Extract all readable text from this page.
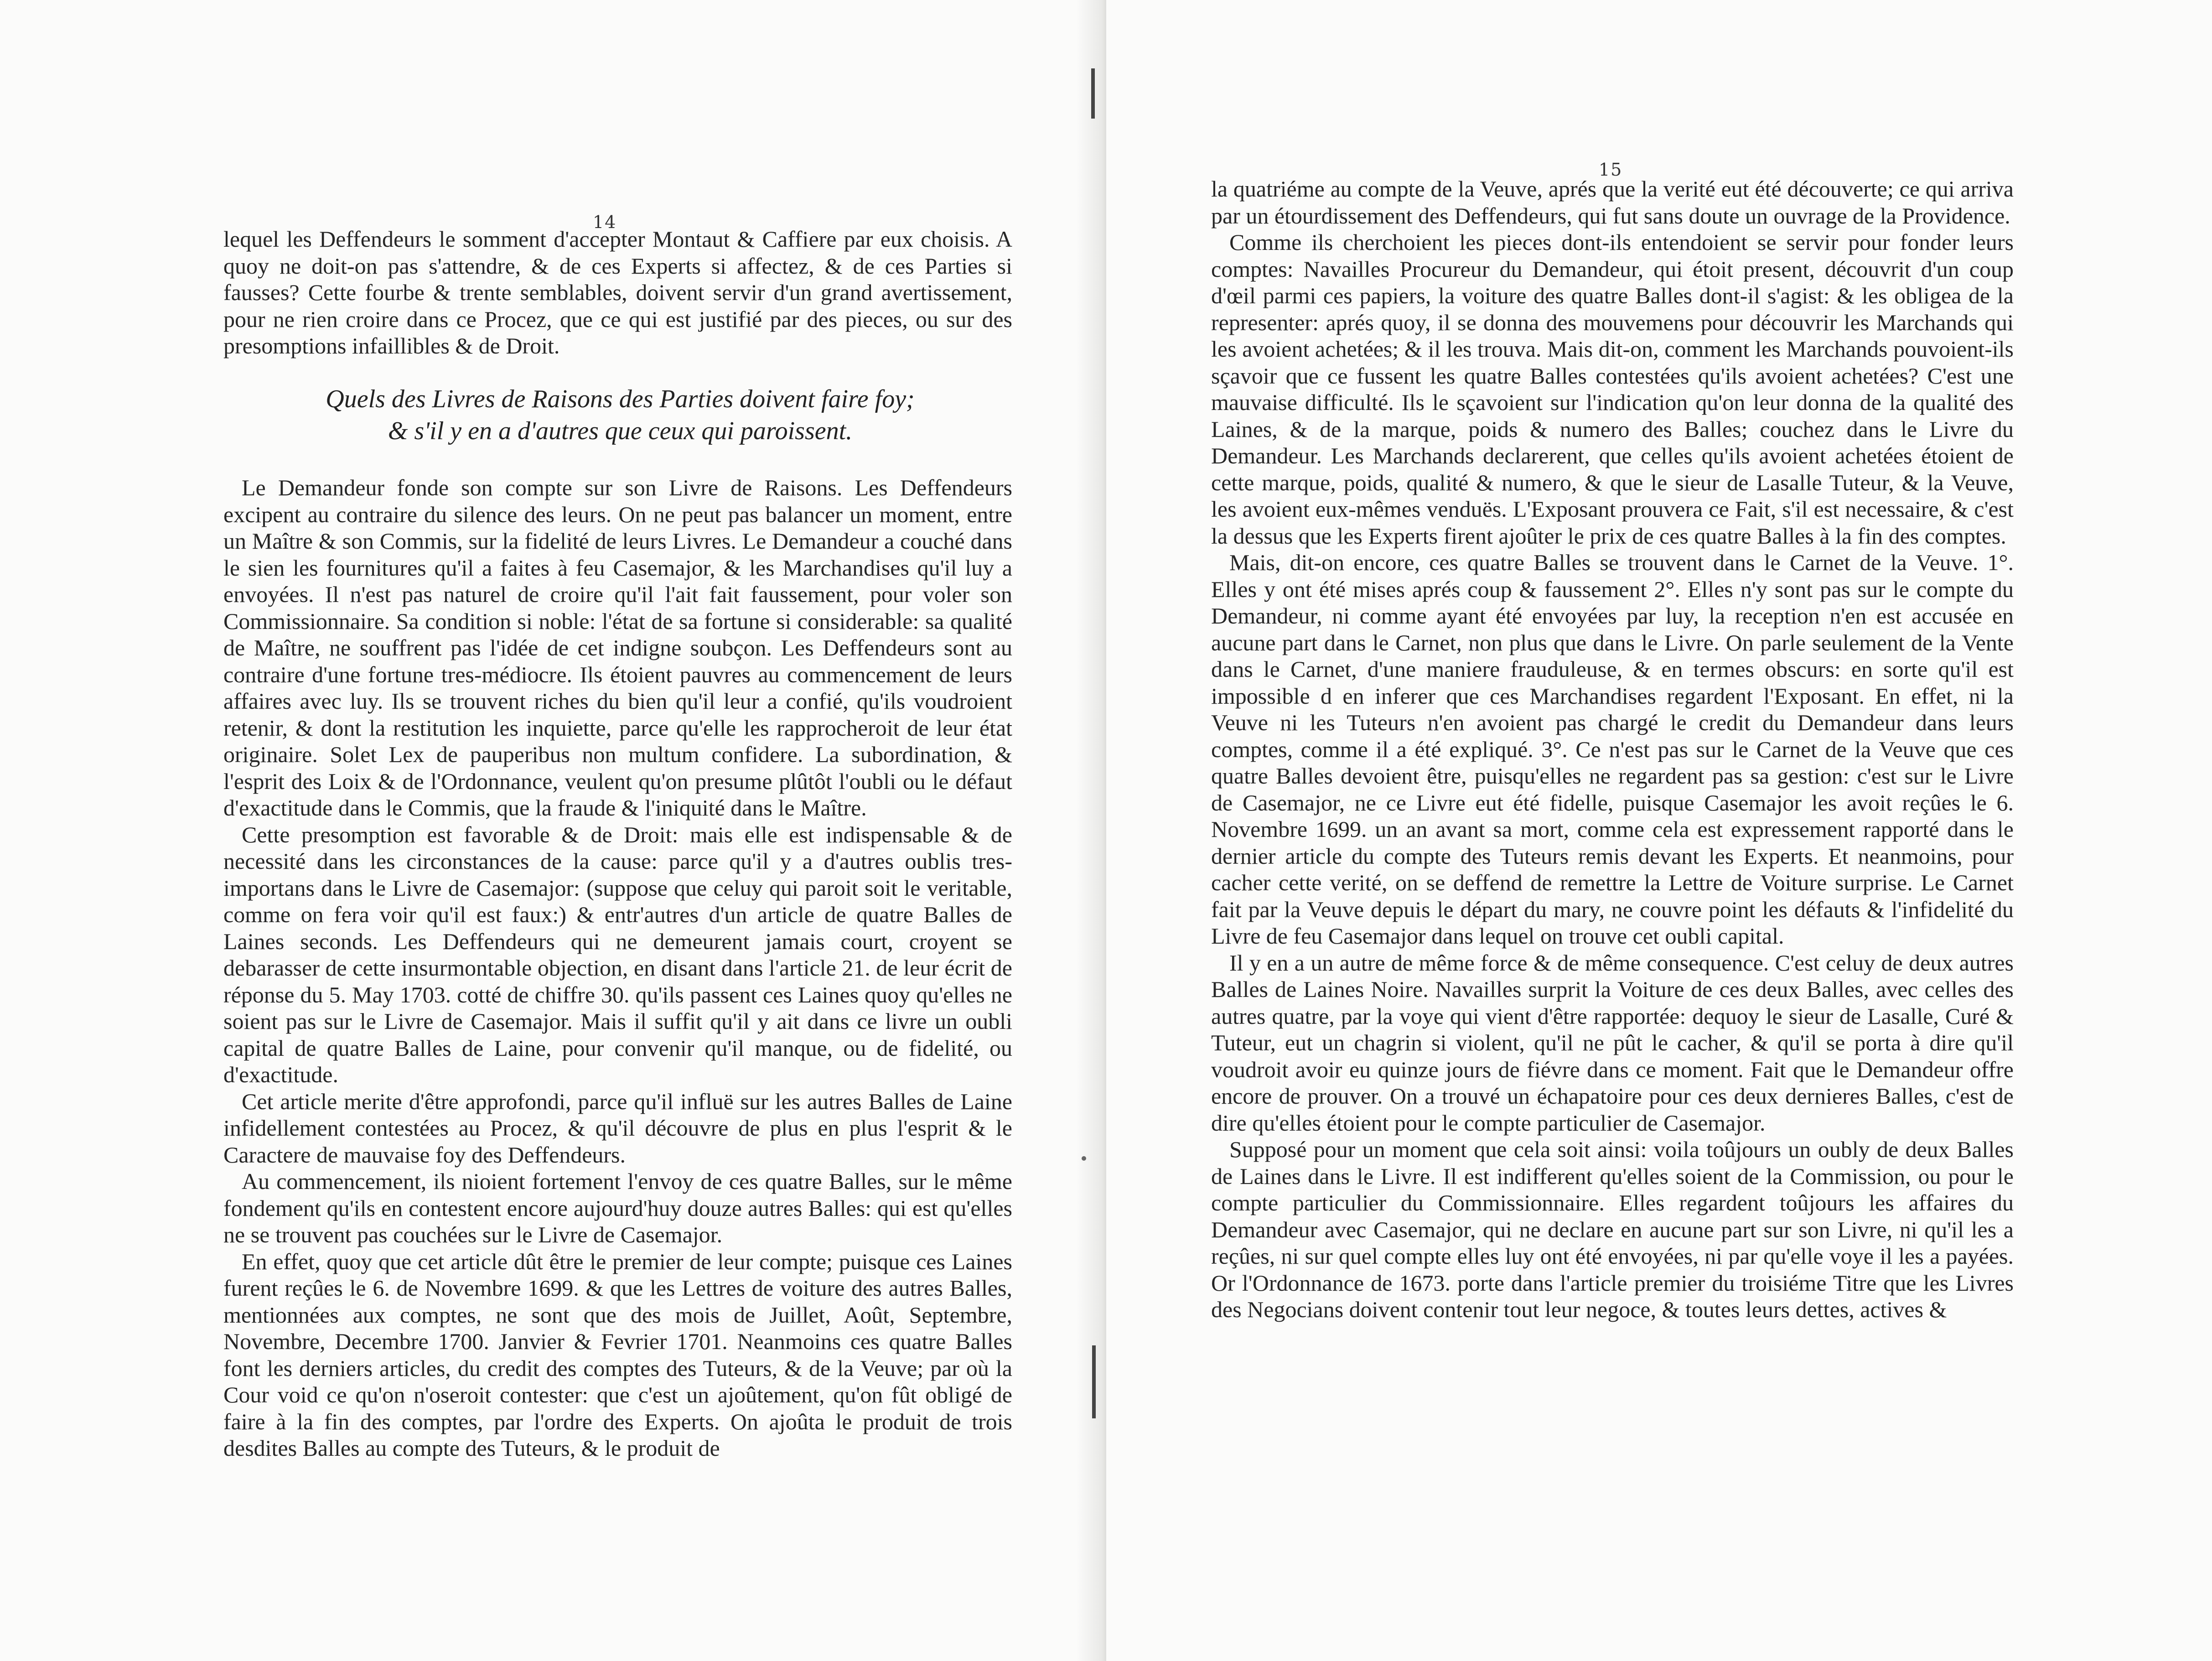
14

lequel les Deffendeurs le somment d'accepter Montaut & Caffiere par eux choisis. A quoy ne doit-on pas s'attendre, & de ces Experts si affectez, & de ces Parties si fausses? Cette fourbe & trente semblables, doivent servir d'un grand avertissement, pour ne rien croire dans ce Procez, que ce qui est justifié par des pieces, ou sur des presomptions infaillibles & de Droit.

Quels des Livres de Raisons des Parties doivent faire foy;
& s'il y en a d'autres que ceux qui paroissent.

Le Demandeur fonde son compte sur son Livre de Raisons. Les Deffendeurs excipent au contraire du silence des leurs. On ne peut pas balancer un moment, entre un Maître & son Commis, sur la fidelité de leurs Livres. Le Demandeur a couché dans le sien les fournitures qu'il a faites à feu Casemajor, & les Marchandises qu'il luy a envoyées. Il n'est pas naturel de croire qu'il l'ait fait faussement, pour voler son Commissionnaire. Sa condition si noble: l'état de sa fortune si considerable: sa qualité de Maître, ne souffrent pas l'idée de cet indigne soubçon. Les Deffendeurs sont au contraire d'une fortune tres-médiocre. Ils étoient pauvres au commencement de leurs affaires avec luy. Ils se trouvent riches du bien qu'il leur a confié, qu'ils voudroient retenir, & dont la restitution les inquiette, parce qu'elle les rapprocheroit de leur état originaire. Solet Lex de pauperibus non multum confidere. La subordination, & l'esprit des Loix & de l'Ordonnance, veulent qu'on presume plûtôt l'oubli ou le défaut d'exactitude dans le Commis, que la fraude & l'iniquité dans le Maître.

Cette presomption est favorable & de Droit: mais elle est indispensable & de necessité dans les circonstances de la cause: parce qu'il y a d'autres oublis tres-importans dans le Livre de Casemajor: (suppose que celuy qui paroit soit le veritable, comme on fera voir qu'il est faux:) & entr'autres d'un article de quatre Balles de Laines seconds. Les Deffendeurs qui ne demeurent jamais court, croyent se debarasser de cette insurmontable objection, en disant dans l'article 21. de leur écrit de réponse du 5. May 1703. cotté de chiffre 30. qu'ils passent ces Laines quoy qu'elles ne soient pas sur le Livre de Casemajor. Mais il suffit qu'il y ait dans ce livre un oubli capital de quatre Balles de Laine, pour convenir qu'il manque, ou de fidelité, ou d'exactitude.

Cet article merite d'être approfondi, parce qu'il influë sur les autres Balles de Laine infidellement contestées au Procez, & qu'il découvre de plus en plus l'esprit & le Caractere de mauvaise foy des Deffendeurs.

Au commencement, ils nioient fortement l'envoy de ces quatre Balles, sur le même fondement qu'ils en contestent encore aujourd'huy douze autres Balles: qui est qu'elles ne se trouvent pas couchées sur le Livre de Casemajor.

En effet, quoy que cet article dût être le premier de leur compte; puisque ces Laines furent reçûes le 6. de Novembre 1699. & que les Lettres de voiture des autres Balles, mentionnées aux comptes, ne sont que des mois de Juillet, Août, Septembre, Novembre, Decembre 1700. Janvier & Fevrier 1701. Neanmoins ces quatre Balles font les derniers articles, du credit des comptes des Tuteurs, & de la Veuve; par où la Cour void ce qu'on n'oseroit contester: que c'est un ajoûtement, qu'on fût obligé de faire à la fin des comptes, par l'ordre des Experts. On ajoûta le produit de trois desdites Balles au compte des Tuteurs, & le produit de

15

la quatriéme au compte de la Veuve, aprés que la verité eut été découverte; ce qui arriva par un étourdissement des Deffendeurs, qui fut sans doute un ouvrage de la Providence.

Comme ils cherchoient les pieces dont-ils entendoient se servir pour fonder leurs comptes: Navailles Procureur du Demandeur, qui étoit present, découvrit d'un coup d'œil parmi ces papiers, la voiture des quatre Balles dont-il s'agist: & les obligea de la representer: aprés quoy, il se donna des mouvemens pour découvrir les Marchands qui les avoient achetées; & il les trouva. Mais dit-on, comment les Marchands pouvoient-ils sçavoir que ce fussent les quatre Balles contestées qu'ils avoient achetées? C'est une mauvaise difficulté. Ils le sçavoient sur l'indication qu'on leur donna de la qualité des Laines, & de la marque, poids & numero des Balles; couchez dans le Livre du Demandeur. Les Marchands declarerent, que celles qu'ils avoient achetées étoient de cette marque, poids, qualité & numero, & que le sieur de Lasalle Tuteur, & la Veuve, les avoient eux-mêmes venduës. L'Exposant prouvera ce Fait, s'il est necessaire, & c'est la dessus que les Experts firent ajoûter le prix de ces quatre Balles à la fin des comptes.

Mais, dit-on encore, ces quatre Balles se trouvent dans le Carnet de la Veuve. 1°. Elles y ont été mises aprés coup & faussement 2°. Elles n'y sont pas sur le compte du Demandeur, ni comme ayant été envoyées par luy, la reception n'en est accusée en aucune part dans le Carnet, non plus que dans le Livre. On parle seulement de la Vente dans le Carnet, d'une maniere frauduleuse, & en termes obscurs: en sorte qu'il est impossible d en inferer que ces Marchandises regardent l'Exposant. En effet, ni la Veuve ni les Tuteurs n'en avoient pas chargé le credit du Demandeur dans leurs comptes, comme il a été expliqué. 3°. Ce n'est pas sur le Carnet de la Veuve que ces quatre Balles devoient être, puisqu'elles ne regardent pas sa gestion: c'est sur le Livre de Casemajor, ne ce Livre eut été fidelle, puisque Casemajor les avoit reçûes le 6. Novembre 1699. un an avant sa mort, comme cela est expressement rapporté dans le dernier article du compte des Tuteurs remis devant les Experts. Et neanmoins, pour cacher cette verité, on se deffend de remettre la Lettre de Voiture surprise. Le Carnet fait par la Veuve depuis le départ du mary, ne couvre point les défauts & l'infidelité du Livre de feu Casemajor dans lequel on trouve cet oubli capital.

Il y en a un autre de même force & de même consequence. C'est celuy de deux autres Balles de Laines Noire. Navailles surprit la Voiture de ces deux Balles, avec celles des autres quatre, par la voye qui vient d'être rapportée: dequoy le sieur de Lasalle, Curé & Tuteur, eut un chagrin si violent, qu'il ne pût le cacher, & qu'il se porta à dire qu'il voudroit avoir eu quinze jours de fiévre dans ce moment. Fait que le Demandeur offre encore de prouver. On a trouvé un échapatoire pour ces deux dernieres Balles, c'est de dire qu'elles étoient pour le compte particulier de Casemajor.

Supposé pour un moment que cela soit ainsi: voila toûjours un oubly de deux Balles de Laines dans le Livre. Il est indifferent qu'elles soient de la Commission, ou pour le compte particulier du Commissionnaire. Elles regardent toûjours les affaires du Demandeur avec Casemajor, qui ne declare en aucune part sur son Livre, ni qu'il les a reçûes, ni sur quel compte elles luy ont été envoyées, ni par qu'elle voye il les a payées. Or l'Ordonnance de 1673. porte dans l'article premier du troisiéme Titre que les Livres des Negocians doivent contenir tout leur negoce, & toutes leurs dettes, actives &
